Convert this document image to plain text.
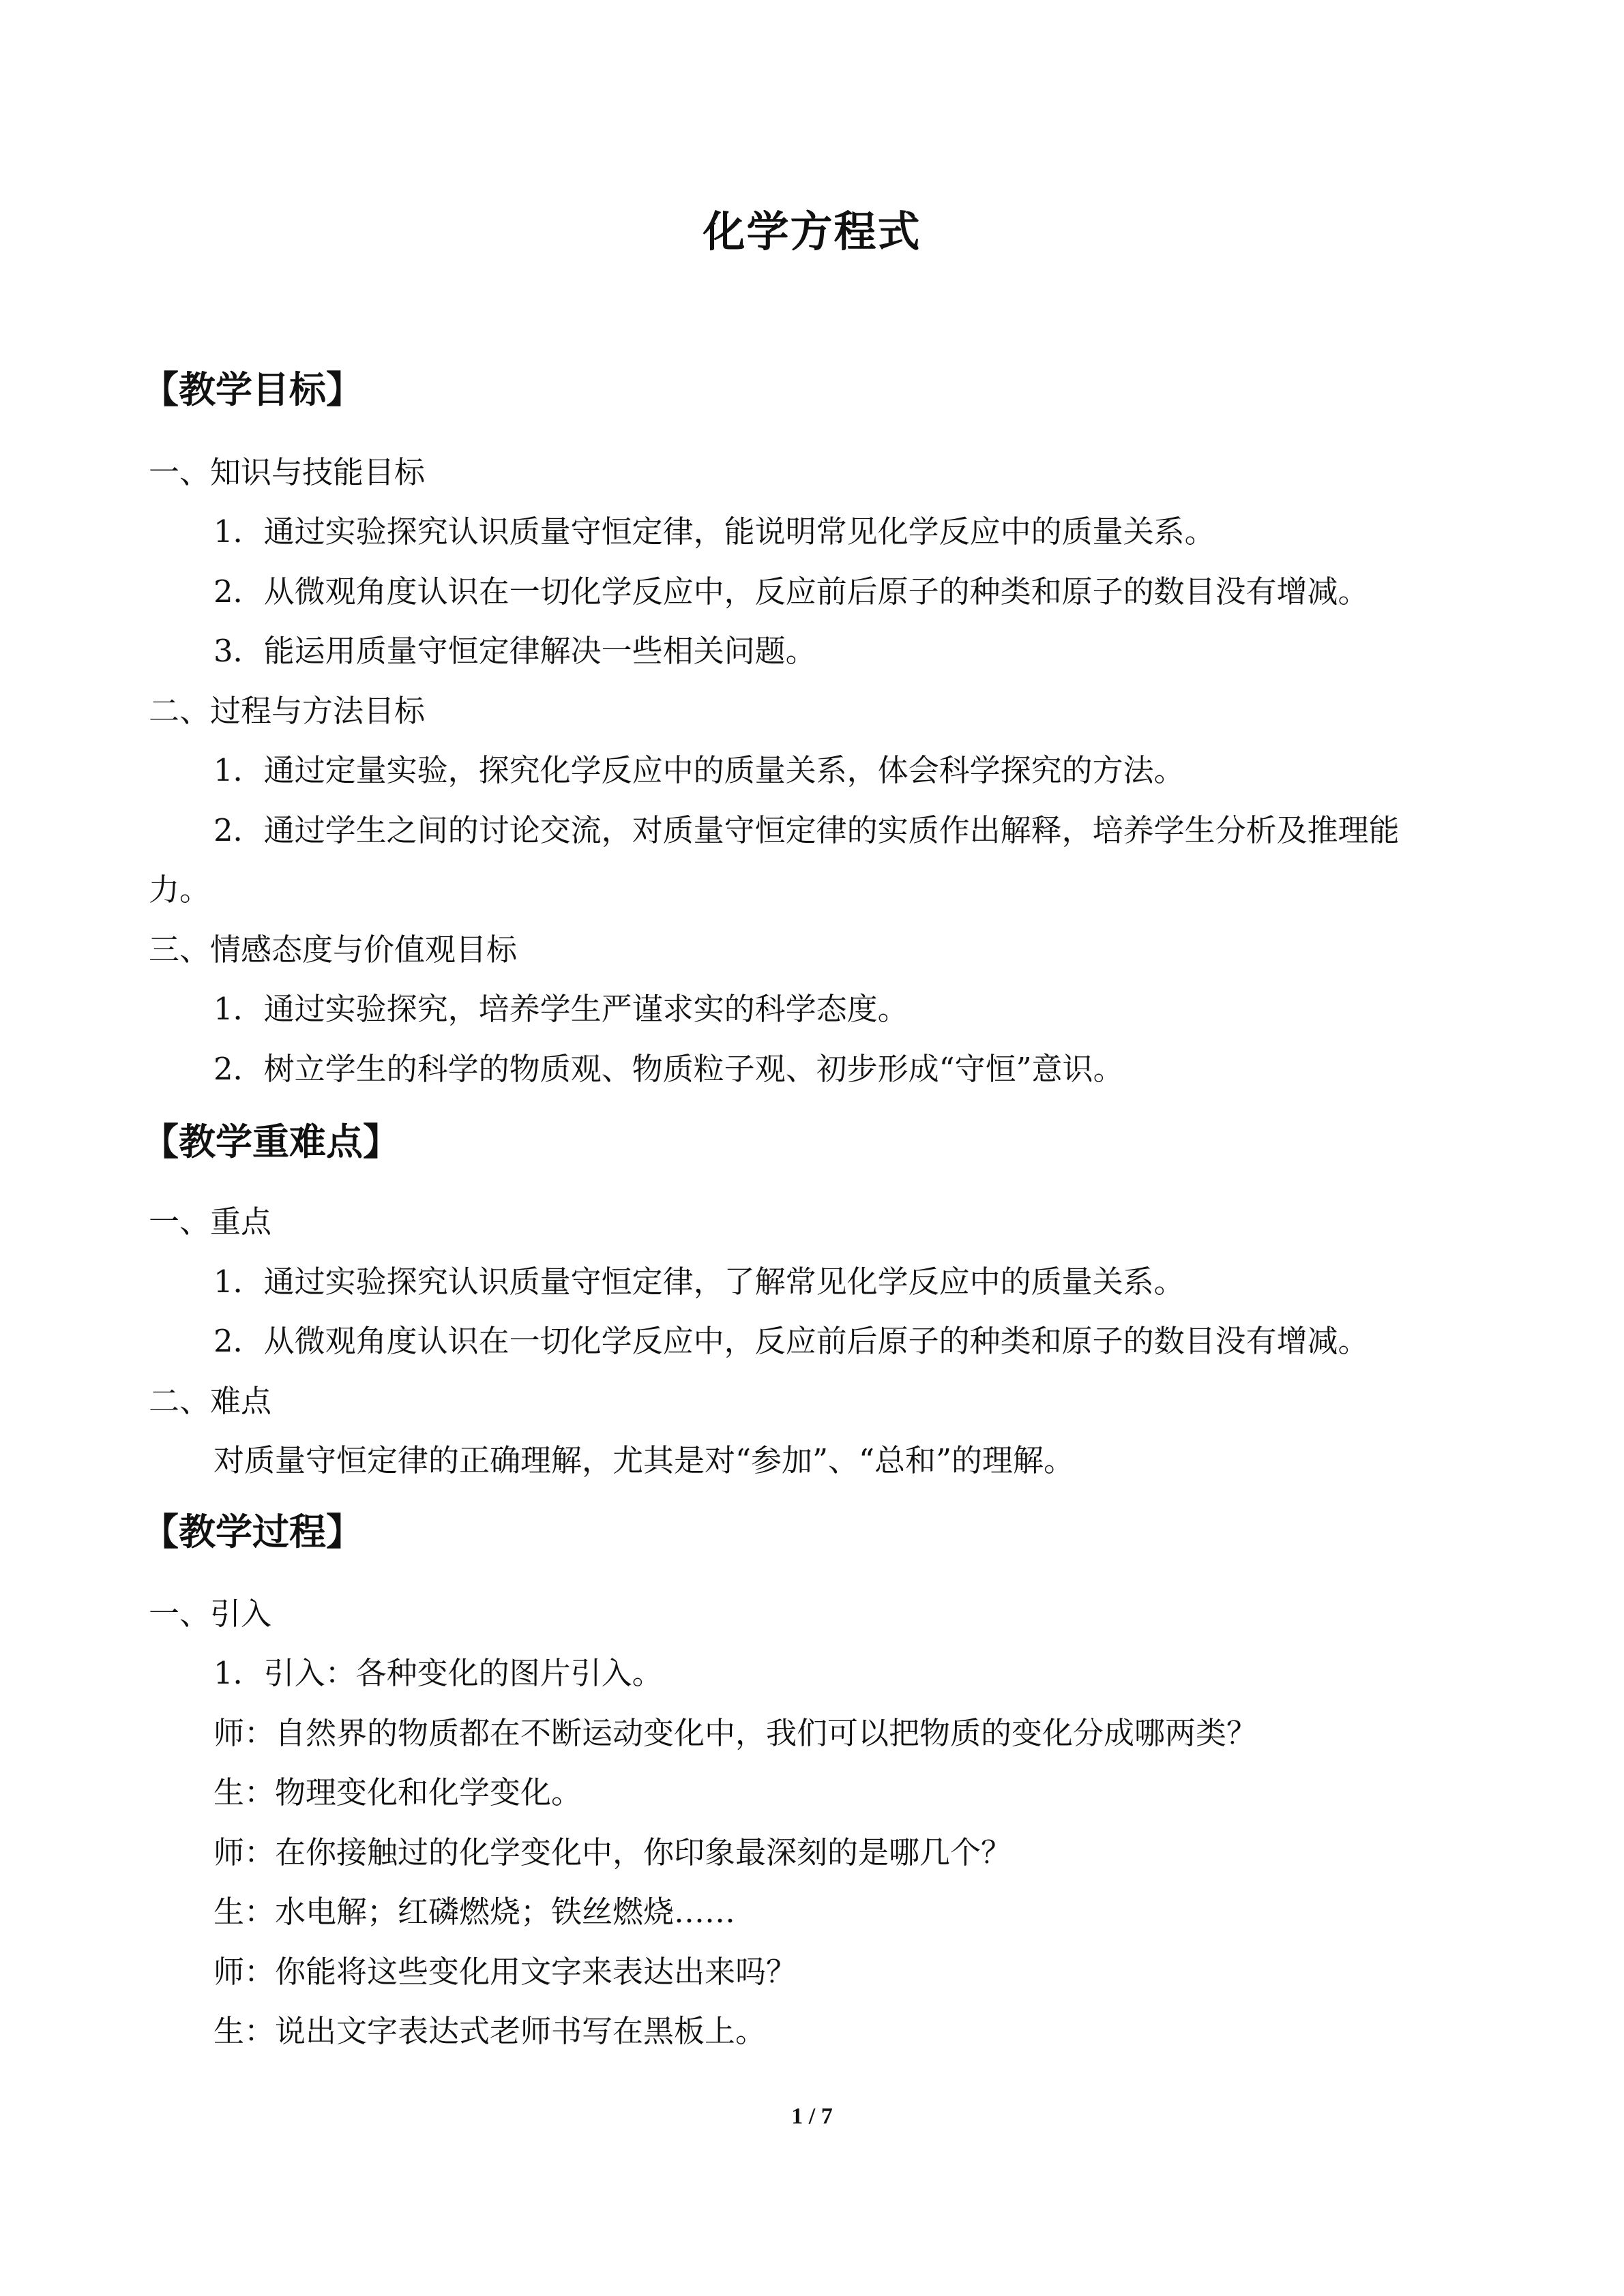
化学方程式
【教学目标】
一、知识与技能目标
1．通过实验探究认识质量守恒定律，能说明常见化学反应中的质量关系。
2．从微观角度认识在一切化学反应中，反应前后原子的种类和原子的数目没有增减。
3．能运用质量守恒定律解决一些相关问题。
二、过程与方法目标
1．通过定量实验，探究化学反应中的质量关系，体会科学探究的方法。
2．通过学生之间的讨论交流，对质量守恒定律的实质作出解释，培养学生分析及推理能
力。
三、情感态度与价值观目标
1．通过实验探究，培养学生严谨求实的科学态度。
2．树立学生的科学的物质观、物质粒子观、初步形成“守恒”意识。
【教学重难点】
一、重点
1．通过实验探究认识质量守恒定律，了解常见化学反应中的质量关系。
2．从微观角度认识在一切化学反应中，反应前后原子的种类和原子的数目没有增减。
二、难点
对质量守恒定律的正确理解，尤其是对“参加”、“总和”的理解。
【教学过程】
一、引入
1．引入：各种变化的图片引入。
师：自然界的物质都在不断运动变化中，我们可以把物质的变化分成哪两类？
生：物理变化和化学变化。
师：在你接触过的化学变化中，你印象最深刻的是哪几个？
生：水电解；红磷燃烧；铁丝燃烧……
师：你能将这些变化用文字来表达出来吗？
生：说出文字表达式老师书写在黑板上。
1 / 7
